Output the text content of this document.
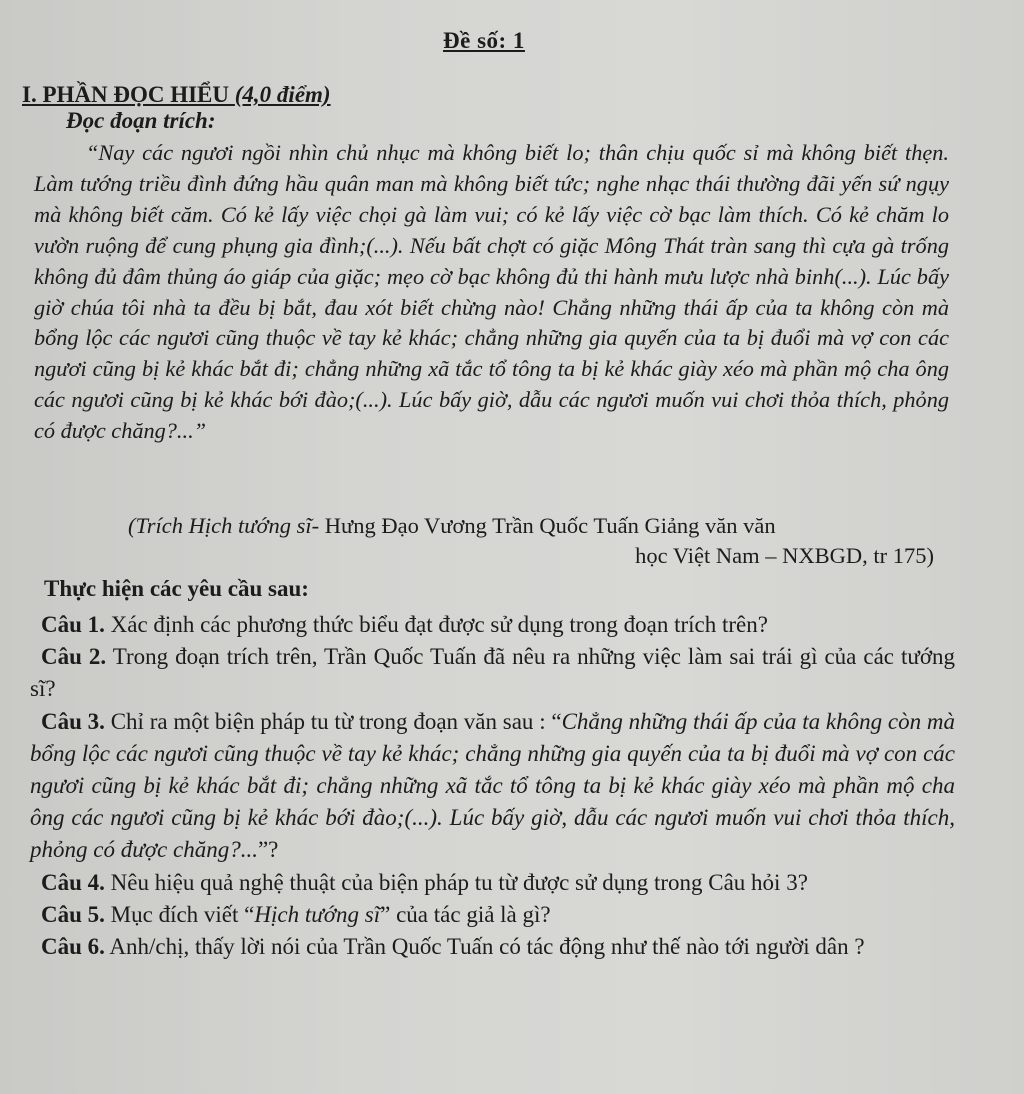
Đề số: 1
I. PHẦN ĐỌC HIỂU (4,0 điểm)
Đọc đoạn trích:

“Nay các ngươi ngồi nhìn chủ nhục mà không biết lo; thân chịu quốc sỉ mà không biết thẹn. Làm tướng triều đình đứng hầu quân man mà không biết tức; nghe nhạc thái thường đãi yến sứ ngụy mà không biết căm. Có kẻ lấy việc chọi gà làm vui; có kẻ lấy việc cờ bạc làm thích. Có kẻ chăm lo vườn ruộng để cung phụng gia đình;(...). Nếu bất chợt có giặc Mông Thát tràn sang thì cựa gà trống không đủ đâm thủng áo giáp của giặc; mẹo cờ bạc không đủ thi hành mưu lược nhà binh(...). Lúc bấy giờ chúa tôi nhà ta đều bị bắt, đau xót biết chừng nào! Chẳng những thái ấp của ta không còn mà bổng lộc các ngươi cũng thuộc về tay kẻ khác; chẳng những gia quyến của ta bị đuổi mà vợ con các ngươi cũng bị kẻ khác bắt đi; chẳng những xã tắc tổ tông ta bị kẻ khác giày xéo mà phần mộ cha ông các ngươi cũng bị kẻ khác bới đào;(...). Lúc bấy giờ, dẫu các ngươi muốn vui chơi thỏa thích, phỏng có được chăng?...”

(Trích Hịch tướng sĩ- Hưng Đạo Vương Trần Quốc Tuấn Giảng văn văn
học Việt Nam – NXBGD, tr 175)
Thực hiện các yêu cầu sau:

Câu 1. Xác định các phương thức biểu đạt được sử dụng trong đoạn trích trên?

Câu 2. Trong đoạn trích trên, Trần Quốc Tuấn đã nêu ra những việc làm sai trái gì của các tướng sĩ?

Câu 3. Chỉ ra một biện pháp tu từ trong đoạn văn sau : “Chẳng những thái ấp của ta không còn mà bổng lộc các ngươi cũng thuộc về tay kẻ khác; chẳng những gia quyến của ta bị đuổi mà vợ con các ngươi cũng bị kẻ khác bắt đi; chẳng những xã tắc tổ tông ta bị kẻ khác giày xéo mà phần mộ cha ông các ngươi cũng bị kẻ khác bới đào;(...). Lúc bấy giờ, dẫu các ngươi muốn vui chơi thỏa thích, phỏng có được chăng?...”?

Câu 4. Nêu hiệu quả nghệ thuật của biện pháp tu từ được sử dụng trong Câu hỏi 3?

Câu 5. Mục đích viết “Hịch tướng sĩ” của tác giả là gì?

Câu 6. Anh/chị, thấy lời nói của Trần Quốc Tuấn có tác động như thế nào tới người dân ?
